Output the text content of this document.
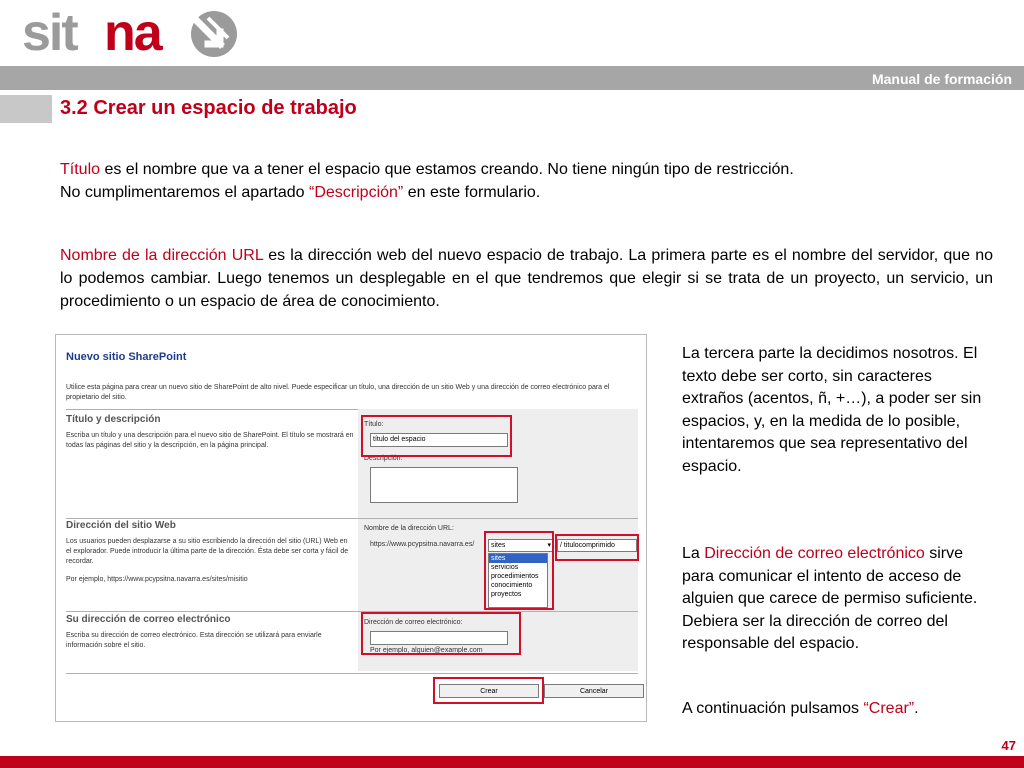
sit na
Manual de formación
3.2 Crear un espacio de trabajo
Título es el nombre que va a tener el espacio que estamos creando. No tiene ningún tipo de restricción.
No cumplimentaremos el apartado “Descripción” en este formulario.
Nombre de la dirección URL es la dirección web del nuevo espacio de trabajo. La primera parte es el nombre del servidor, que no lo podemos cambiar. Luego tenemos un desplegable en el que tendremos que elegir si se trata de un proyecto, un servicio, un procedimiento o un espacio de área de conocimiento.
Nuevo sitio SharePoint
Utilice esta página para crear un nuevo sitio de SharePoint de alto nivel. Puede especificar un título, una dirección de un sitio Web y una dirección de correo electrónico para el propietario del sitio.
Título y descripción
Escriba un título y una descripción para el nuevo sitio de SharePoint. El título se mostrará en todas las páginas del sitio y la descripción, en la página principal.
Título:
título del espacio
Descripción:
Dirección del sitio Web
Los usuarios pueden desplazarse a su sitio escribiendo la dirección del sitio (URL) Web en el explorador. Puede introducir la última parte de la dirección. Ésta debe ser corta y fácil de recordar.
Por ejemplo, https://www.pcypsitna.navarra.es/sites/misitio
Nombre de la dirección URL:
https://www.pcypsitna.navarra.es/	sites	▾
sites
servicios
procedimientos
conocimiento
proyectos
/ titulocomprimido
Su dirección de correo electrónico
Escriba su dirección de correo electrónico. Esta dirección se utilizará para enviarle información sobre el sitio.
Dirección de correo electrónico:
Por ejemplo, alguien@example.com
Crear	Cancelar
La tercera parte la decidimos nosotros. El texto debe ser corto, sin caracteres extraños (acentos, ñ, +…), a poder ser sin espacios, y, en la medida de lo posible, intentaremos que sea representativo del espacio.
La Dirección de correo electrónico sirve para comunicar el intento de acceso de alguien que carece de permiso suficiente. Debiera ser la dirección de correo del responsable del espacio.
A continuación pulsamos “Crear”.
47
